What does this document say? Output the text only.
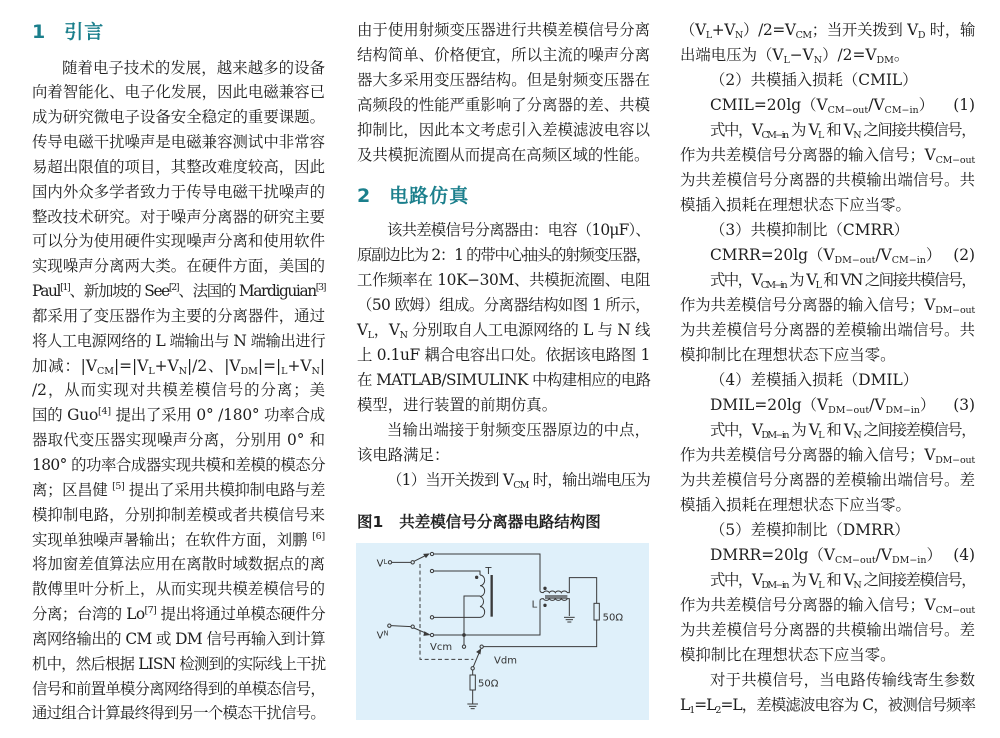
1 引言
随着电子技术的发展，越来越多的设备
向着智能化、电子化发展，因此电磁兼容已
成为研究微电子设备安全稳定的重要课题。
传导电磁干扰噪声是电磁兼容测试中非常容
易超出限值的项目，其整改难度较高，因此
国内外众多学者致力于传导电磁干扰噪声的
整改技术研究。对于噪声分离器的研究主要
可以分为使用硬件实现噪声分离和使用软件
实现噪声分离两大类。在硬件方面，美国的
Paul[1]、新加坡的 See[2]、法国的 Mardiguian[3]
都采用了变压器作为主要的分离器件，通过
将人工电源网络的 L 端输出与 N 端输出进行
加减：$|V_{CM}|=|V_L+V_N|/2$、$|V_{DM}|=|_L+V_N|$
/2，从而实现对共模差模信号的分离；美
国的 Guo[4] 提出了采用 0° /180° 功率合成
器取代变压器实现噪声分离，分别用 0° 和
180° 的功率合成器实现共模和差模的模态分
离；区昌健 [5] 提出了采用共模抑制电路与差
模抑制电路，分别抑制差模或者共模信号来
实现单独噪声暑输出；在软件方面，刘鹏 [6]
将加窗差值算法应用在离散时域数据点的离
散傅里叶分析上，从而实现共模差模信号的
分离；台湾的 Lo[7] 提出将通过单模态硬件分
离网络输出的 CM 或 DM 信号再输入到计算
机中，然后根据 LISN 检测到的实际线上干扰
信号和前置单模分离网络得到的单模态信号，
通过组合计算最终得到另一个模态干扰信号。
由于使用射频变压器进行共模差模信号分离
结构简单、价格便宜，所以主流的噪声分离
器大多采用变压器结构。但是射频变压器在
高频段的性能严重影响了分离器的差、共模
抑制比，因此本文考虑引入差模滤波电容以
及共模扼流圈从而提高在高频区域的性能。
2 电路仿真
该共差模信号分离器由：电容（10μF）、
原副边比为 2：1 的带中心抽头的射频变压器，
工作频率在 10K−30M、共模扼流圈、电阻
（50 欧姆）组成。分离器结构如图 1 所示，
$V_L$，$V_N$ 分别取自人工电源网络的 L 与 N 线
上 0.1uF 耦合电容出口处。依据该电路图 1
在 MATLAB/SIMULINK 中构建相应的电路
模型，进行装置的前期仿真。
当输出端接于射频变压器原边的中点，
该电路满足：
（1）当开关拨到 $V_{CM}$ 时，输出端电压为
图1 共差模信号分离器电路结构图
$V^L$
$V^N$
T
L
Vcm
Vdm
50Ω
50Ω
$(V_L+V_N)/2=V_{CM}$；当开关拨到 $V_D$ 时，输
出端电压为$(V_L-V_N)/2=V_{DM}$。
（2）共模插入损耗（CMIL）
$CMIL=20\lg(V_{CM-out}/V_{CM-in})$ (1)
式中，$V_{CM-in}$ 为 $V_L$ 和 $V_N$ 之间接共模信号，
作为共差模信号分离器的输入信号；$V_{CM-out}$
为共差模信号分离器的共模输出端信号。共
模插入损耗在理想状态下应当零。
（3）共模抑制比（CMRR）
$CMRR=20\lg(V_{DM-out}/V_{CM-in})$ (2)
式中，$V_{CM-in}$ 为 $V_L$ 和 VN 之间接共模信号，
作为共差模信号分离器的输入信号；$V_{DM-out}$
为共差模信号分离器的差模输出端信号。共
模抑制比在理想状态下应当零。
（4）差模插入损耗（DMIL）
$DMIL=20\lg(V_{DM-out}/V_{DM-in})$ (3)
式中，$V_{DM-in}$ 为 $V_L$ 和 $V_N$ 之间接差模信号，
作为共差模信号分离器的输入信号；$V_{DM-out}$
为共差模信号分离器的差模输出端信号。差
模插入损耗在理想状态下应当零。
（5）差模抑制比（DMRR）
$DMRR=20\lg(V_{CM-out}/V_{DM-in})$ (4)
式中，$V_{DM-in}$ 为 $V_L$ 和 $V_N$ 之间接差模信号，
作为共差模信号分离器的输入信号；$V_{CM-out}$
为共差模信号分离器的共模输出端信号。差
模抑制比在理想状态下应当零。
对于共模信号，当电路传输线寄生参数
$L_1=L_2=L$，差模滤波电容为 C，被测信号频率
